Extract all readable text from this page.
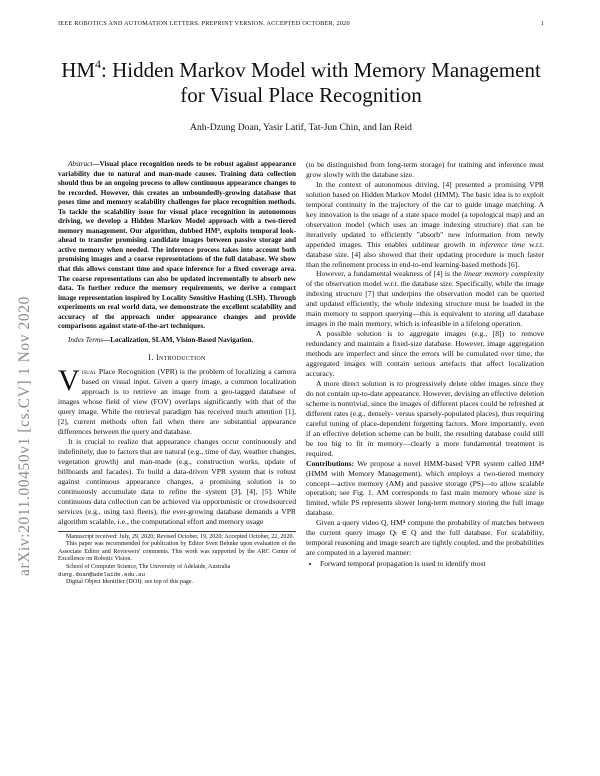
IEEE ROBOTICS AND AUTOMATION LETTERS. PREPRINT VERSION. ACCEPTED OCTOBER, 2020	1
arXiv:2011.00450v1 [cs.CV] 1 Nov 2020
$HM^4$: Hidden Markov Model with Memory Management for Visual Place Recognition
Anh-Dzung Doan, Yasir Latif, Tat-Jun Chin, and Ian Reid

Abstract—Visual place recognition needs to be robust against appearance variability due to natural and man-made causes. Training data collection should thus be an ongoing process to allow continuous appearance changes to be recorded. However, this creates an unboundedly-growing database that poses time and memory scalability challenges for place recognition methods. To tackle the scalability issue for visual place recognition in autonomous driving, we develop a Hidden Markov Model approach with a two-tiered memory management. Our algorithm, dubbed HM⁴, exploits temporal look-ahead to transfer promising candidate images between passive storage and active memory when needed. The inference process takes into account both promising images and a coarse representations of the full database. We show that this allows constant time and space inference for a fixed coverage area. The coarse representations can also be updated incrementally to absorb new data. To further reduce the memory requirements, we derive a compact image representation inspired by Locality Sensitive Hashing (LSH). Through experiments on real world data, we demonstrate the excellent scalability and accuracy of the approach under appearance changes and provide comparisons against state-of-the-art techniques.

Index Terms—Localization, SLAM, Vision-Based Navigation.

I. Introduction

Visual Place Recognition (VPR) is the problem of localizing a camera based on visual input. Given a query image, a common localization approach is to retrieve an image from a geo-tagged database of images whose field of view (FOV) overlaps significantly with that of the query image. While the retrieval paradigm has received much attention [1], [2], current methods often fail when there are substantial appearance differences between the query and database.

It is crucial to realize that appearance changes occur continuously and indefinitely, due to factors that are natural (e.g., time of day, weather changes, vegetation growth) and man-made (e.g., construction works, update of billboards and facades). To build a data-driven VPR system that is robust against continuous appearance changes, a promising solution is to continuously accumulate data to refine the system [3], [4], [5]. While continuous data collection can be achieved via opportunistic or crowdsourced services (e.g., using taxi fleets), the ever-growing database demands a VPR algorithm scalable, i.e., the computational effort and memory usage

Manuscript received: July, 29, 2020; Revised October, 19, 2020; Accepted October, 22, 2020.

This paper was recommended for publication by Editor Sven Behnke upon evaluation of the Associate Editor and Reviewers' comments. This work was supported by the ARC Centre of Excellence on Robotic Vision.

School of Computer Science, The University of Adelaide, Australia

dung.doan@adelaide.edu.au

Digital Object Identifier (DOI): see top of this page.

(to be distinguished from long-term storage) for training and inference must grow slowly with the database size.

In the context of autonomous driving, [4] presented a promising VPR solution based on Hidden Markov Model (HMM). The basic idea is to exploit temporal continuity in the trajectory of the car to guide image matching. A key innovation is the usage of a state space model (a topological map) and an observation model (which uses an image indexing structure) that can be iteratively updated to efficiently "absorb" new information from newly appended images. This enables sublinear growth in inference time w.r.t. database size. [4] also showed that their updating procedure is much faster than the refinement process in end-to-end learning-based methods [6].

However, a fundamental weakness of [4] is the linear memory complexity of the observation model w.r.t. the database size. Specifically, while the image indexing structure [7] that underpins the observation model can be queried and updated efficiently, the whole indexing structure must be loaded in the main memory to support querying—this is equivalent to storing all database images in the main memory, which is infeasible in a lifelong operation.

A possible solution is to aggregate images (e.g., [8]) to remove redundancy and maintain a fixed-size database. However, image aggregation methods are imperfect and since the errors will be cumulated over time, the aggregated images will contain serious artefacts that affect localization accuracy.

A more direct solution is to progressively delete older images since they do not contain up-to-date appearance. However, devising an effective deletion scheme is nontrivial, since the images of different places could be refreshed at different rates (e.g., densely- versus sparsely-populated places), thus requiring careful tuning of place-dependent forgetting factors. More importantly, even if an effective deletion scheme can be built, the resulting database could still be too big to fit in memory—clearly a more fundamental treatment is required.

Contributions: We propose a novel HMM-based VPR system called HM⁴ (HMM with Memory Management), which employs a two-tiered memory concept—active memory (AM) and passive storage (PS)—to allow scalable operation; see Fig. 1. AM corresponds to fast main memory whose size is limited, while PS represents slower long-term memory storing the full image database.

Given a query video Q, HM⁴ compute the probability of matches between the current query image Qₜ ∈ Q and the full database. For scalability, temporal reasoning and image search are tightly coupled, and the probabilities are computed in a layered manner:

• Forward temporal propagation is used to identify most
